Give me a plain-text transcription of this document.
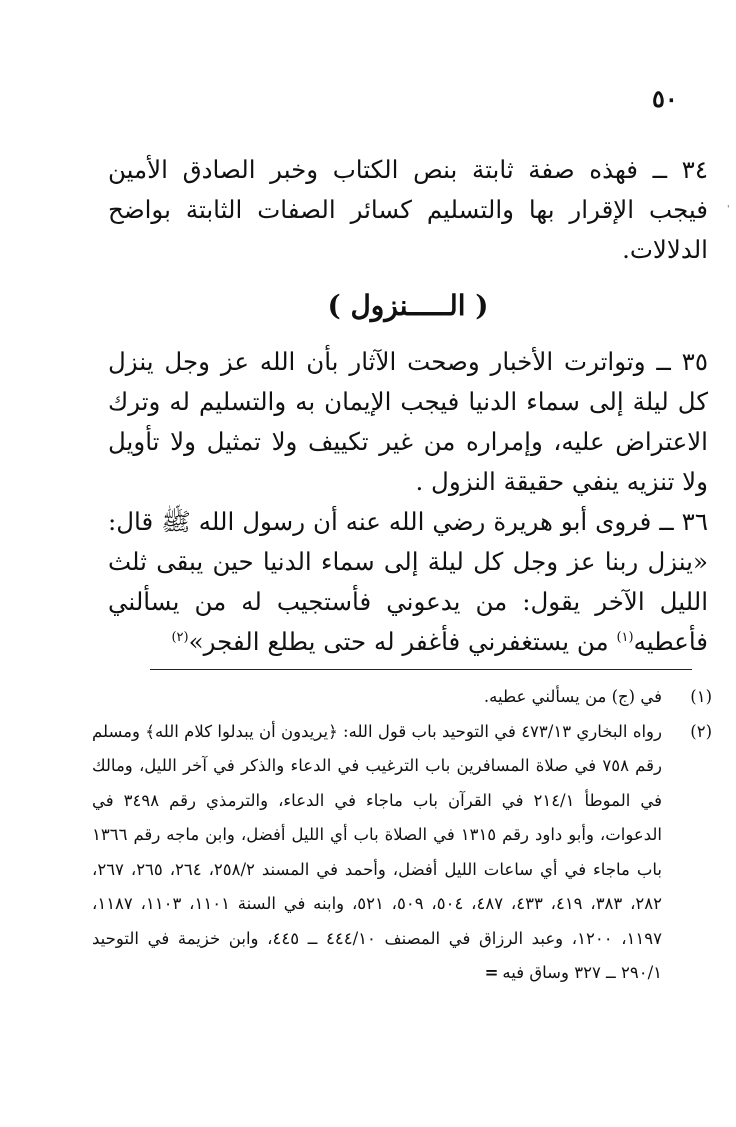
٥٠

٣٤ ــ فهذه صفة ثابتة بنص الكتاب وخبر الصادق الأمين فيجب الإقرار بها والتسليم كسائر الصفات الثابتة بواضح الدلالات.

( الـــــنزول )

٣٥ ــ وتواترت الأخبار وصحت الآثار بأن الله عز وجل ينزل كل ليلة إلى سماء الدنيا فيجب الإيمان به والتسليم له وترك الاعتراض عليه، وإمراره من غير تكييف ولا تمثيل ولا تأويل ولا تنزيه ينفي حقيقة النزول .

٣٦ ــ فروى أبو هريرة رضي الله عنه أن رسول الله ﷺ قال: «ينزل ربنا عز وجل كل ليلة إلى سماء الدنيا حين يبقى ثلث الليل الآخر يقول: من يدعوني فأستجيب له من يسألني فأعطيه$^{(١)}$ من يستغفرني فأغفر له حتى يطلع الفجر»$^{(٢)}$

(١)
في (ج) من يسألني عطيه.
(٢)
رواه البخاري ٤٧٣/١٣ في التوحيد باب قول الله: ﴿يريدون أن يبدلوا كلام الله﴾ ومسلم رقم ٧٥٨ في صلاة المسافرين باب الترغيب في الدعاء والذكر في آخر الليل، ومالك في الموطأ ٢١٤/١ في القرآن باب ماجاء في الدعاء، والترمذي رقم ٣٤٩٨ في الدعوات، وأبو داود رقم ١٣١٥ في الصلاة باب أي الليل أفضل، وابن ماجه رقم ١٣٦٦ باب ماجاء في أي ساعات الليل أفضل، وأحمد في المسند ٢٥٨/٢، ٢٦٤، ٢٦٥، ٢٦٧، ٢٨٢، ٣٨٣، ٤١٩، ٤٣٣، ٤٨٧، ٥٠٤، ٥٠٩، ٥٢١، وابنه في السنة ١١٠١، ١١٠٣، ١١٨٧، ١١٩٧، ١٢٠٠، وعبد الرزاق في المصنف ٤٤٤/١٠ ــ ٤٤٥، وابن خزيمة في التوحيد ٢٩٠/١ ــ ٣٢٧ وساق فيه=
'
